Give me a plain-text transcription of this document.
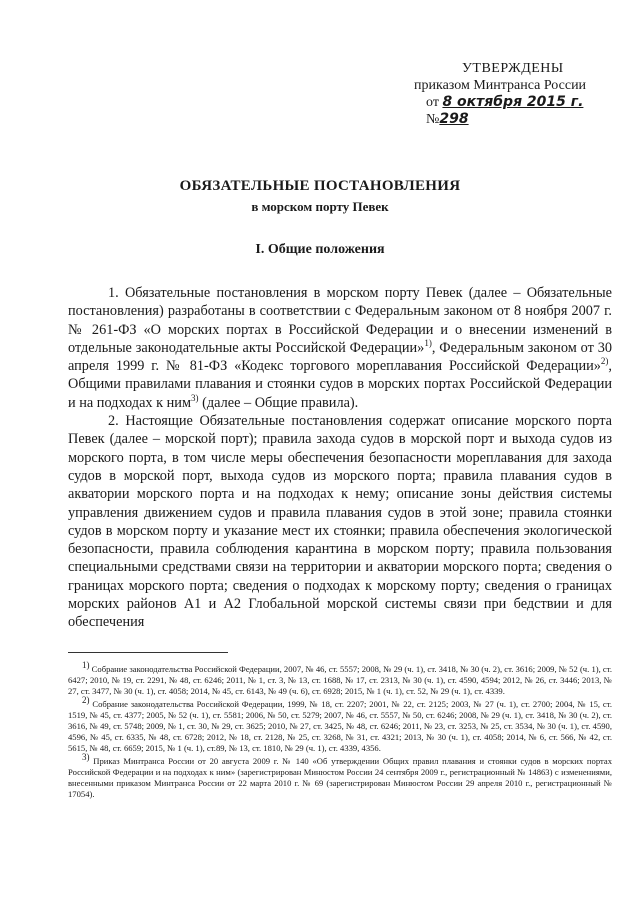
УТВЕРЖДЕНЫ
приказом Минтранса России
от 8 октября 2015 г. №298
ОБЯЗАТЕЛЬНЫЕ ПОСТАНОВЛЕНИЯ
в морском порту Певек
I. Общие положения

1. Обязательные постановления в морском порту Певек (далее – Обязательные постановления) разработаны в соответствии с Федеральным законом от 8 ноября 2007 г. № 261-ФЗ «О морских портах в Российской Федерации и о внесении изменений в отдельные законодательные акты Российской Федерации»$^{1)}$, Федеральным законом от 30 апреля 1999 г. № 81-ФЗ «Кодекс торгового мореплавания Российской Федерации»$^{2)}$, Общими правилами плавания и стоянки судов в морских портах Российской Федерации и на подходах к ним$^{3)}$ (далее – Общие правила).

2. Настоящие Обязательные постановления содержат описание морского порта Певек (далее – морской порт); правила захода судов в морской порт и выхода судов из морского порта, в том числе меры обеспечения безопасности мореплавания для захода судов в морской порт, выхода судов из морского порта; правила плавания судов в акватории морского порта и на подходах к нему; описание зоны действия системы управления движением судов и правила плавания судов в этой зоне; правила стоянки судов в морском порту и указание мест их стоянки; правила обеспечения экологической безопасности, правила соблюдения карантина в морском порту; правила пользования специальными средствами связи на территории и акватории морского порта; сведения о границах морского порта; сведения о подходах к морскому порту; сведения о границах морских районов А1 и А2 Глобальной морской системы связи при бедствии и для обеспечения

$^{1)}$ Собрание законодательства Российской Федерации, 2007, № 46, ст. 5557; 2008, № 29 (ч. 1), ст. 3418, № 30 (ч. 2), ст. 3616; 2009, № 52 (ч. 1), ст. 6427; 2010, № 19, ст. 2291, № 48, ст. 6246; 2011, № 1, ст. 3, № 13, ст. 1688, № 17, ст. 2313, № 30 (ч. 1), ст. 4590, 4594; 2012, № 26, ст. 3446; 2013, № 27, ст. 3477, № 30 (ч. 1), ст. 4058; 2014, № 45, ст. 6143, № 49 (ч. 6), ст. 6928; 2015, № 1 (ч. 1), ст. 52, № 29 (ч. 1), ст. 4339.

$^{2)}$ Собрание законодательства Российской Федерации, 1999, № 18, ст. 2207; 2001, № 22, ст. 2125; 2003, № 27 (ч. 1), ст. 2700; 2004, № 15, ст. 1519, № 45, ст. 4377; 2005, № 52 (ч. 1), ст. 5581; 2006, № 50, ст. 5279; 2007, № 46, ст. 5557, № 50, ст. 6246; 2008, № 29 (ч. 1), ст. 3418, № 30 (ч. 2), ст. 3616, № 49, ст. 5748; 2009, № 1, ст. 30, № 29, ст. 3625; 2010, № 27, ст. 3425, № 48, ст. 6246; 2011, № 23, ст. 3253, № 25, ст. 3534, № 30 (ч. 1), ст. 4590, 4596, № 45, ст. 6335, № 48, ст. 6728; 2012, № 18, ст. 2128, № 25, ст. 3268, № 31, ст. 4321; 2013, № 30 (ч. 1), ст. 4058; 2014, № 6, ст. 566, № 42, ст. 5615, № 48, ст. 6659; 2015, № 1 (ч. 1), ст.89, № 13, ст. 1810, № 29 (ч. 1), ст. 4339, 4356.

$^{3)}$ Приказ Минтранса России от 20 августа 2009 г. № 140 «Об утверждении Общих правил плавания и стоянки судов в морских портах Российской Федерации и на подходах к ним» (зарегистрирован Минюстом России 24 сентября 2009 г., регистрационный № 14863) с изменениями, внесенными приказом Минтранса России от 22 марта 2010 г. № 69 (зарегистрирован Минюстом России 29 апреля 2010 г., регистрационный № 17054).
